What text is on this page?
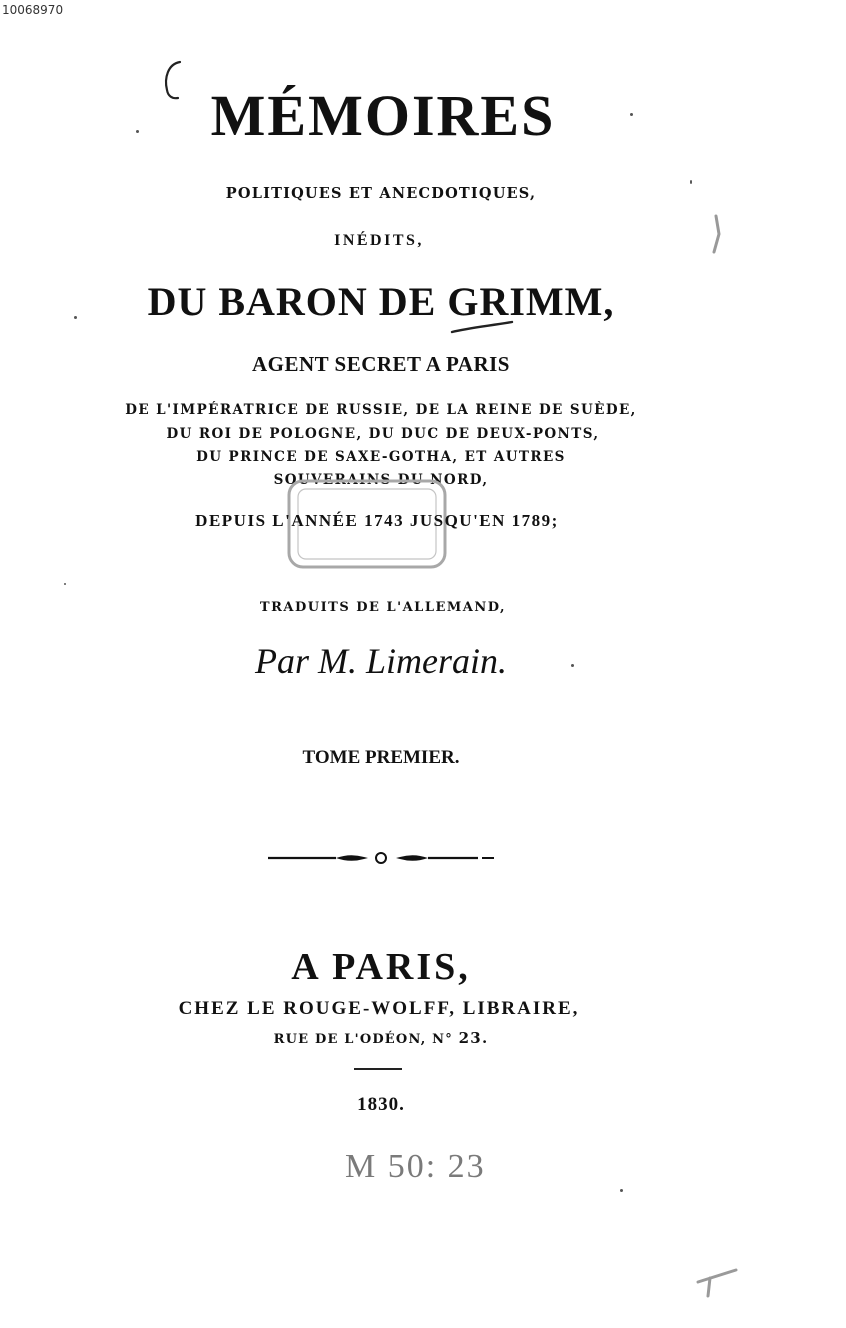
10068970
MÉMOIRES
POLITIQUES ET ANECDOTIQUES,
INÉDITS,
DU BARON DE GRIMM,
AGENT SECRET A PARIS
DE L'IMPÉRATRICE DE RUSSIE, DE LA REINE DE SUÈDE,
DU ROI DE POLOGNE, DU DUC DE DEUX-PONTS,
DU PRINCE DE SAXE-GOTHA, ET AUTRES
SOUVERAINS DU NORD,
DEPUIS L'ANNÉE 1743 JUSQU'EN 1789;
TRADUITS DE L'ALLEMAND,
Par M. Limerain.
TOME PREMIER.
A PARIS,
CHEZ LE ROUGE-WOLFF, LIBRAIRE,
RUE DE L'ODÉON, N° 23.
1830.
M 50: 23
